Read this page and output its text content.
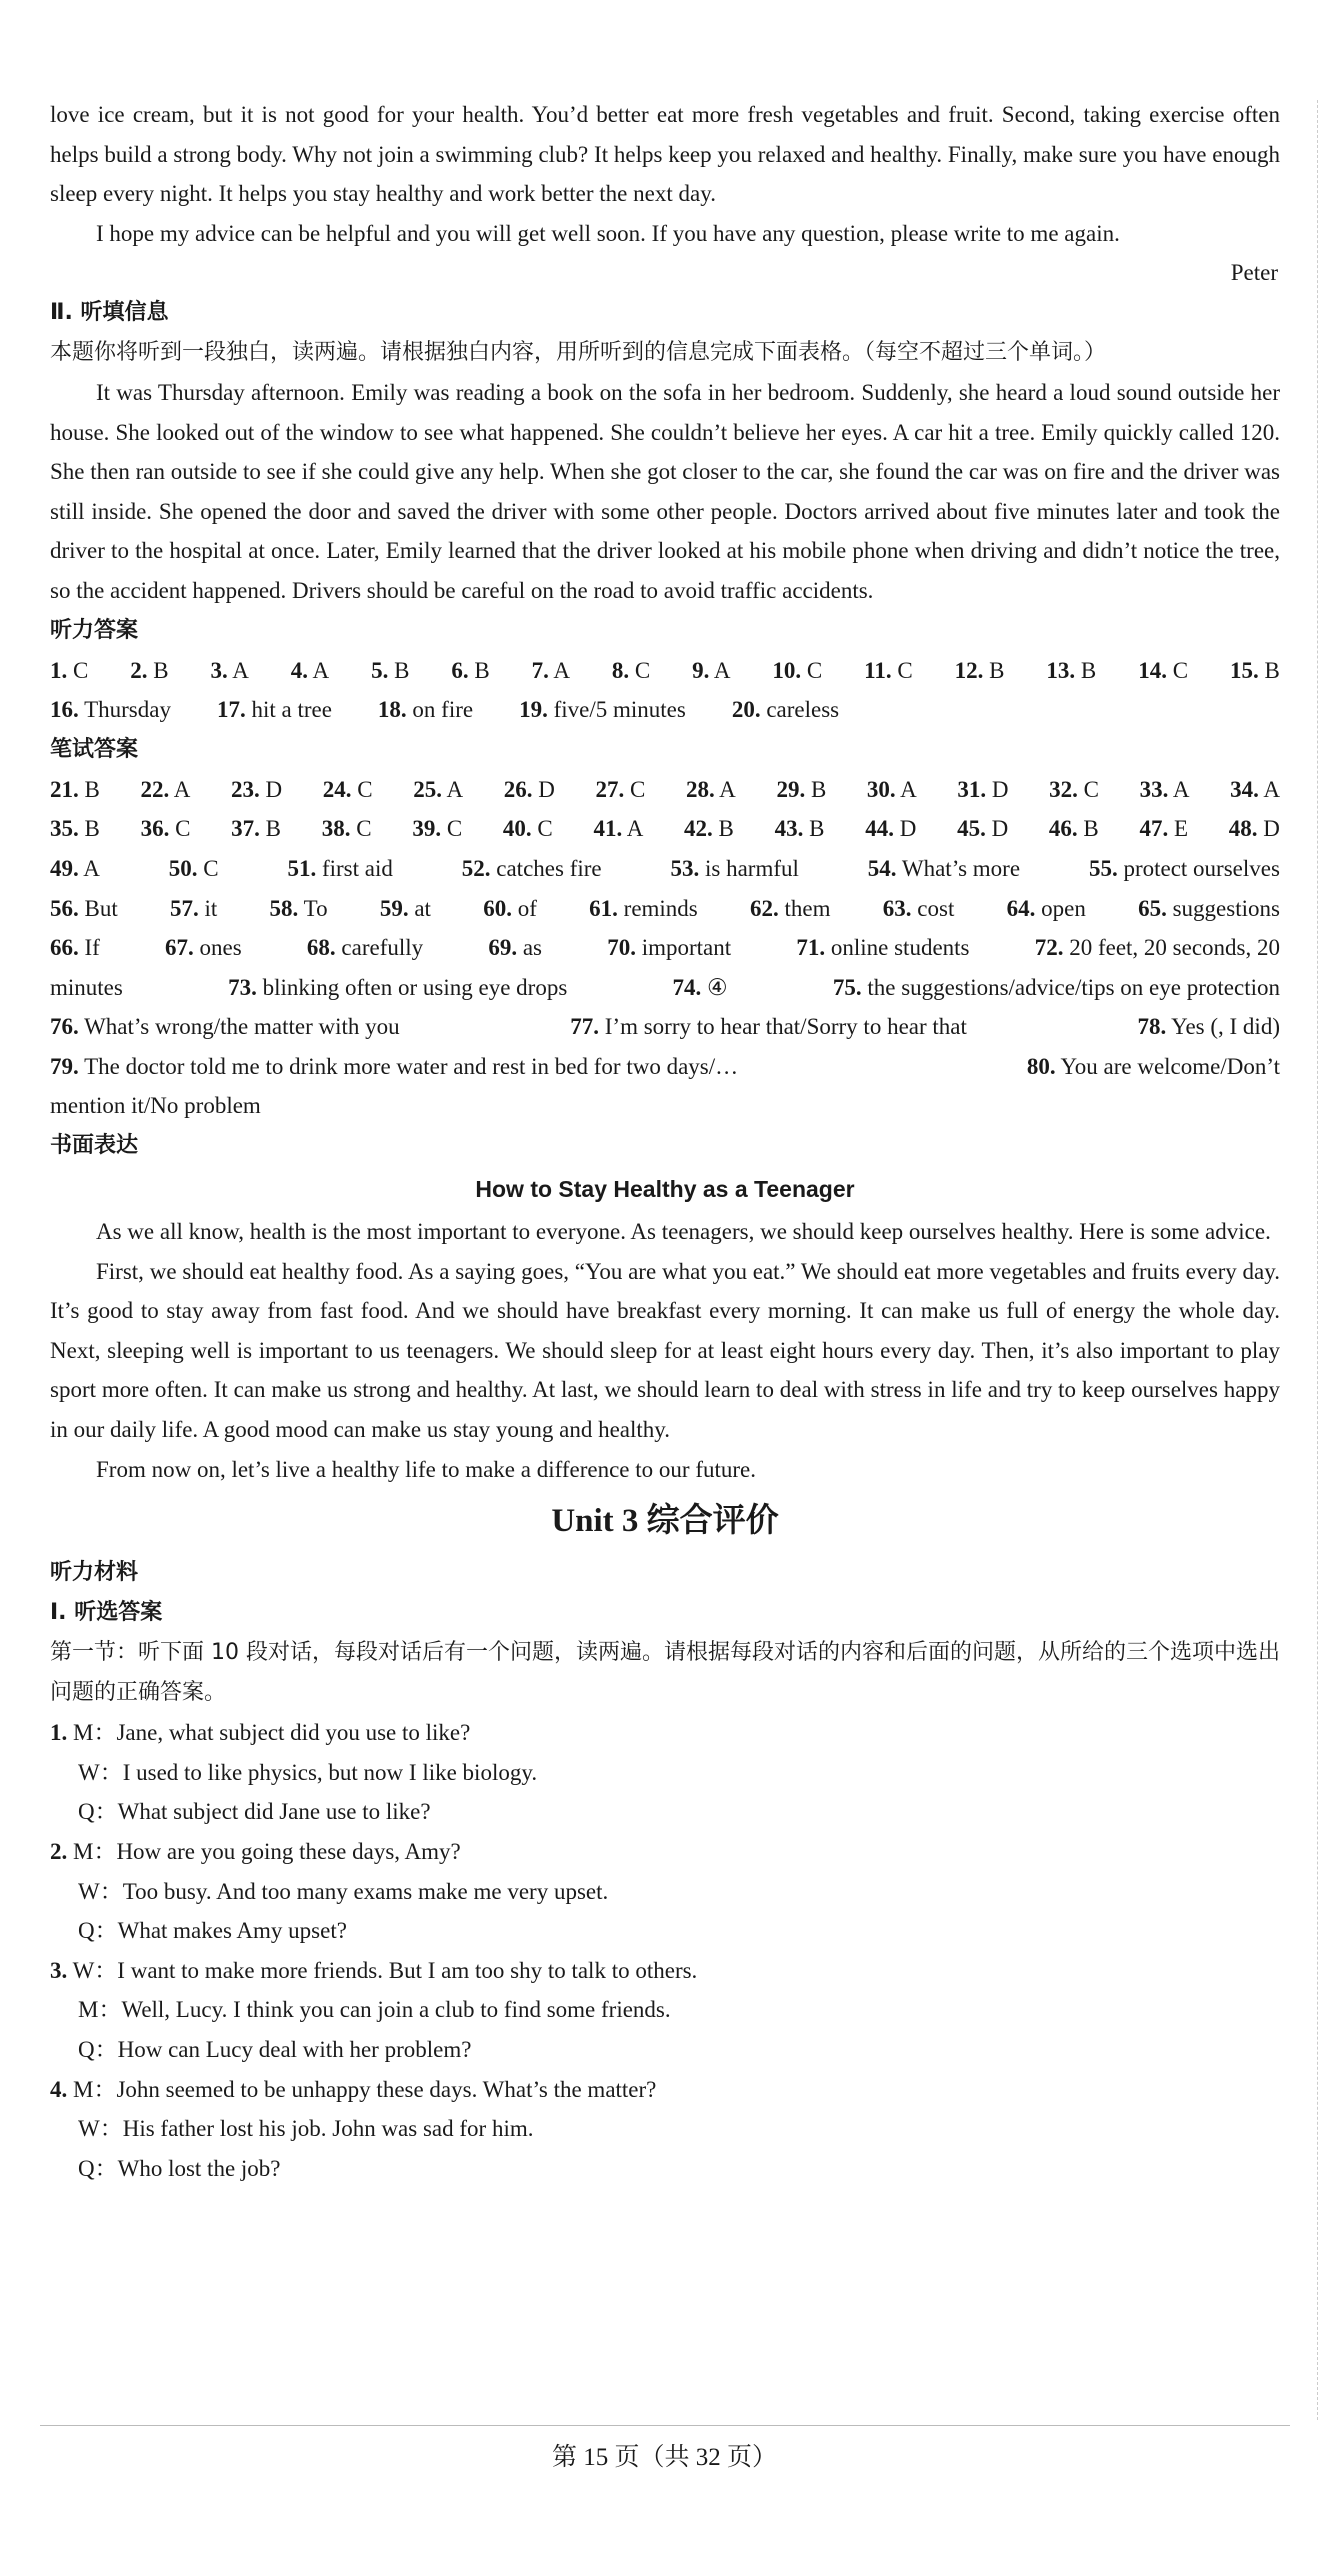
love ice cream, but it is not good for your health. You’d better eat more fresh vegetables and fruit. Second, taking exercise often helps build a strong body. Why not join a swimming club? It helps keep you relaxed and healthy. Finally, make sure you have enough sleep every night. It helps you stay healthy and work better the next day.

I hope my advice can be helpful and you will get well soon. If you have any question, please write to me again.

Peter

Ⅱ. 听填信息

本题你将听到一段独白，读两遍。请根据独白内容，用所听到的信息完成下面表格。（每空不超过三个单词。）

It was Thursday afternoon. Emily was reading a book on the sofa in her bedroom. Suddenly, she heard a loud sound outside her house. She looked out of the window to see what happened. She couldn’t believe her eyes. A car hit a tree. Emily quickly called 120. She then ran outside to see if she could give any help. When she got closer to the car, she found the car was on fire and the driver was still inside. She opened the door and saved the driver with some other people. Doctors arrived about five minutes later and took the driver to the hospital at once. Later, Emily learned that the driver looked at his mobile phone when driving and didn’t notice the tree, so the accident happened. Drivers should be careful on the road to avoid traffic accidents.

听力答案

1. C 2. B 3. A 4. A 5. B 6. B 7. A 8. C 9. A 10. C 11. C 12. B 13. B 14. C 15. B
16. Thursday 17. hit a tree 18. on fire 19. five/5 minutes 20. careless

笔试答案

21. B 22. A 23. D 24. C 25. A 26. D 27. C 28. A 29. B 30. A 31. D 32. C 33. A 34. A
35. B 36. C 37. B 38. C 39. C 40. C 41. A 42. B 43. B 44. D 45. D 46. B 47. E 48. D
49. A	50. C	51. first aid	52. catches fire	53. is harmful	54. What’s more	55. protect ourselves
56. But 57. it 58. To 59. at 60. of 61. reminds 62. them 63. cost 64. open 65. suggestions
66. If	67. ones	68. carefully	69. as	70. important	71. online students	72. 20 feet, 20 seconds, 20
minutes	73. blinking often or using eye drops	74. ④	75. the suggestions/advice/tips on eye protection
76. What’s wrong/the matter with you	77. I’m sorry to hear that/Sorry to hear that	78. Yes (, I did)
79. The doctor told me to drink more water and rest in bed for two days/…	80. You are welcome/Don’t

mention it/No problem

书面表达

How to Stay Healthy as a Teenager

As we all know, health is the most important to everyone. As teenagers, we should keep ourselves healthy. Here is some advice.

First, we should eat healthy food. As a saying goes, “You are what you eat.” We should eat more vegetables and fruits every day. It’s good to stay away from fast food. And we should have breakfast every morning. It can make us full of energy the whole day. Next, sleeping well is important to us teenagers. We should sleep for at least eight hours every day. Then, it’s also important to play sport more often. It can make us strong and healthy. At last, we should learn to deal with stress in life and try to keep ourselves happy in our daily life. A good mood can make us stay young and healthy.

From now on, let’s live a healthy life to make a difference to our future.

Unit 3 综合评价

听力材料

Ⅰ. 听选答案

第一节：听下面 10 段对话，每段对话后有一个问题，读两遍。请根据每段对话的内容和后面的问题，从所给的三个选项中选出问题的正确答案。

1. M：Jane, what subject did you use to like?

W：I used to like physics, but now I like biology.

Q：What subject did Jane use to like?

2. M：How are you going these days, Amy?

W：Too busy. And too many exams make me very upset.

Q：What makes Amy upset?

3. W：I want to make more friends. But I am too shy to talk to others.

M：Well, Lucy. I think you can join a club to find some friends.

Q：How can Lucy deal with her problem?

4. M：John seemed to be unhappy these days. What’s the matter?

W：His father lost his job. John was sad for him.

Q：Who lost the job?

第 15 页（共 32 页）
